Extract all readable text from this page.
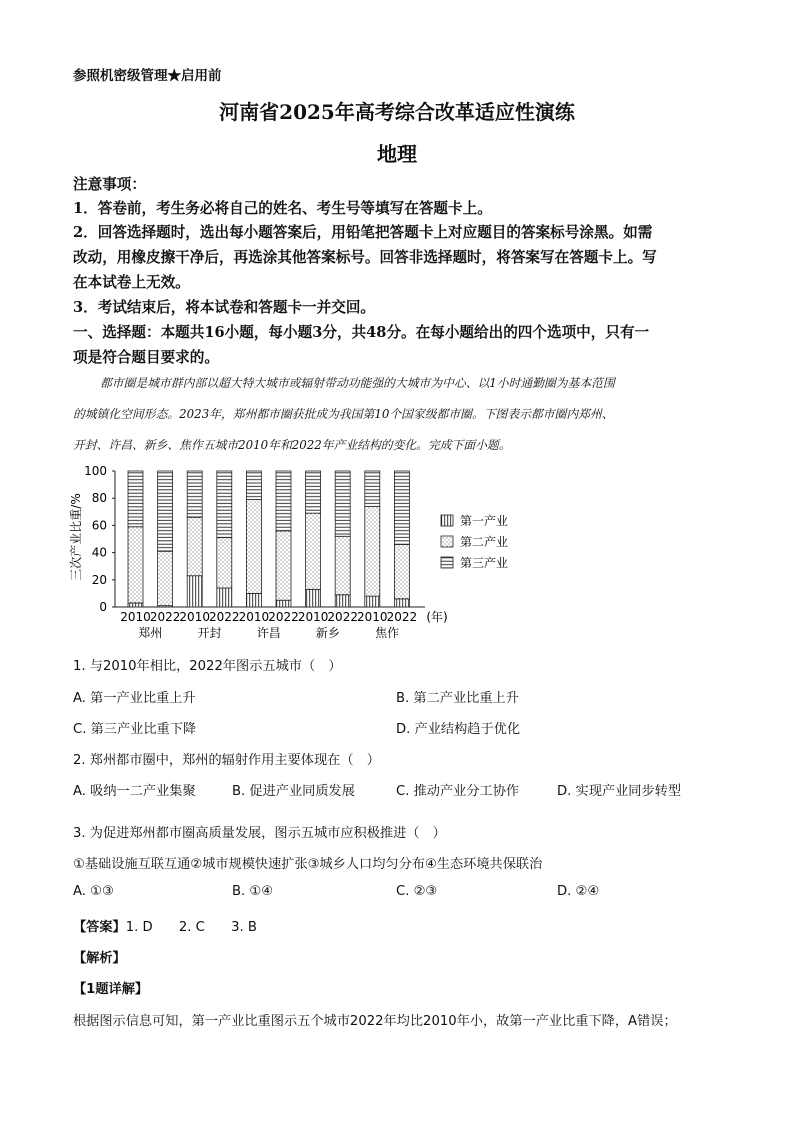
参照机密级管理★启用前
河南省2025年高考综合改革适应性演练
地理
注意事项：
1．答卷前，考生务必将自己的姓名、考生号等填写在答题卡上。
2．回答选择题时，选出每小题答案后，用铅笔把答题卡上对应题目的答案标号涂黑。如需
改动，用橡皮擦干净后，再选涂其他答案标号。回答非选择题时，将答案写在答题卡上。写
在本试卷上无效。
3．考试结束后，将本试卷和答题卡一并交回。
一、选择题：本题共16小题，每小题3分，共48分。在每小题给出的四个选项中，只有一
项是符合题目要求的。
都市圈是城市群内部以超大特大城市或辐射带动功能强的大城市为中心、以1小时通勤圈为基本范围
的城镇化空间形态。2023年，郑州都市圈获批成为我国第10个国家级都市圈。下图表示都市圈内郑州、
开封、许昌、新乡、焦作五城市2010年和2022年产业结构的变化。完成下面小题。
0
20
40
60
80
100
2010 2022 2010 2022 2010 2022 2010 2022 2010 2022 (年)
郑州	开封	许昌	新乡	焦作
第一产业
第二产业
第三产业
三次产业比重/%
1. 与2010年相比，2022年图示五城市（　）
A. 第一产业比重上升	B. 第二产业比重上升
C. 第三产业比重下降	D. 产业结构趋于优化
2. 郑州都市圈中，郑州的辐射作用主要体现在（　）
A. 吸纳一二产业集聚	B. 促进产业同质发展	C. 推动产业分工协作	D. 实现产业同步转型
3. 为促进郑州都市圈高质量发展，图示五城市应积极推进（　）
①基础设施互联互通②城市规模快速扩张③城乡人口均匀分布④生态环境共保联治
A. ①③	B. ①④	C. ②③	D. ②④
【答案】1. D 2. C 3. B
【解析】
【1题详解】
根据图示信息可知，第一产业比重图示五个城市2022年均比2010年小，故第一产业比重下降，A错误；
